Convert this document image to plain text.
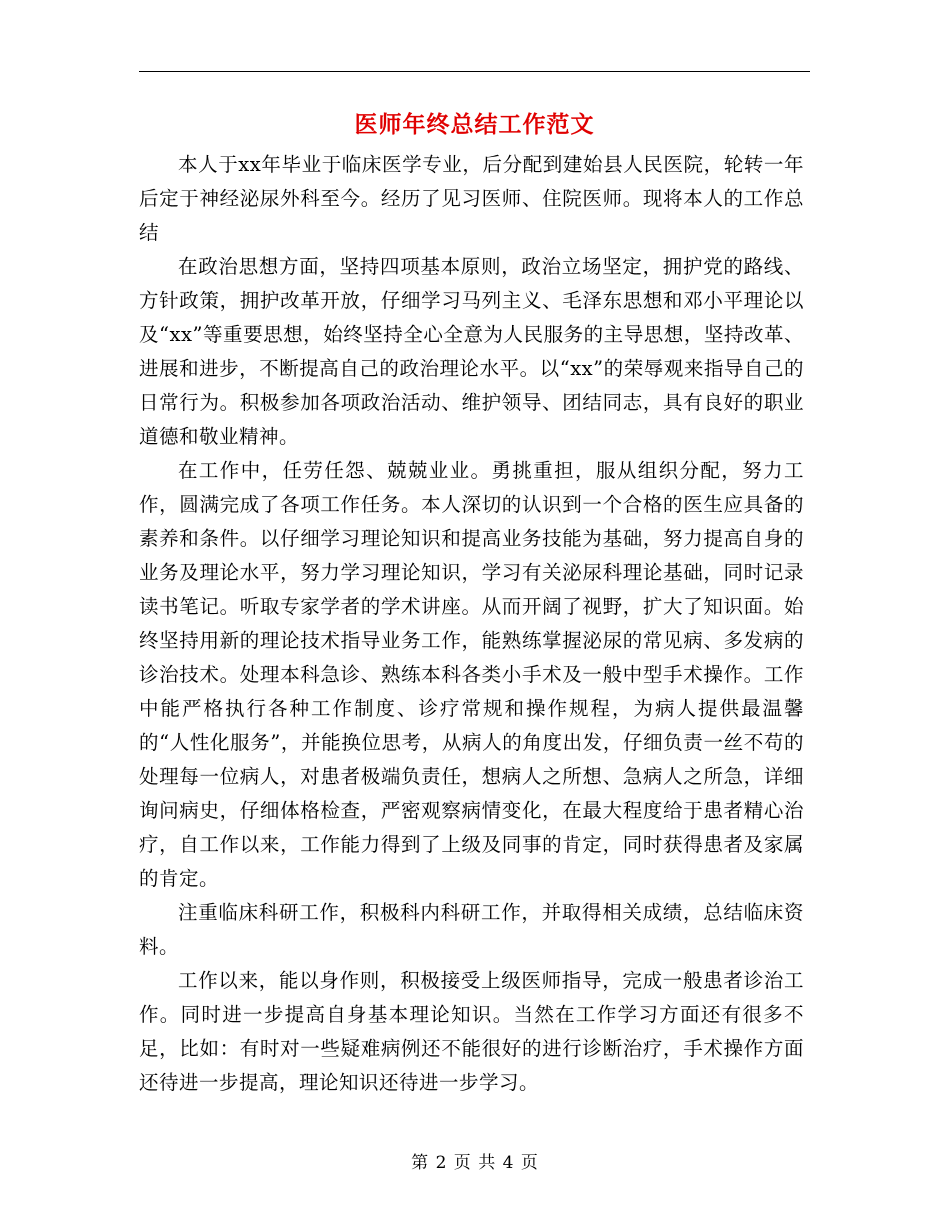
医师年终总结工作范文

本人于xx年毕业于临床医学专业，后分配到建始县人民医院，轮转一年后定于神经泌尿外科至今。经历了见习医师、住院医师。现将本人的工作总结

在政治思想方面，坚持四项基本原则，政治立场坚定，拥护党的路线、方针政策，拥护改革开放，仔细学习马列主义、毛泽东思想和邓小平理论以及“xx”等重要思想，始终坚持全心全意为人民服务的主导思想，坚持改革、进展和进步，不断提高自己的政治理论水平。以“xx”的荣辱观来指导自己的日常行为。积极参加各项政治活动、维护领导、团结同志，具有良好的职业道德和敬业精神。

在工作中，任劳任怨、兢兢业业。勇挑重担，服从组织分配，努力工作，圆满完成了各项工作任务。本人深切的认识到一个合格的医生应具备的素养和条件。以仔细学习理论知识和提高业务技能为基础，努力提高自身的业务及理论水平，努力学习理论知识，学习有关泌尿科理论基础，同时记录读书笔记。听取专家学者的学术讲座。从而开阔了视野，扩大了知识面。始终坚持用新的理论技术指导业务工作，能熟练掌握泌尿的常见病、多发病的诊治技术。处理本科急诊、熟练本科各类小手术及一般中型手术操作。工作中能严格执行各种工作制度、诊疗常规和操作规程，为病人提供最温馨的“人性化服务”，并能换位思考，从病人的角度出发，仔细负责一丝不苟的处理每一位病人，对患者极端负责任，想病人之所想、急病人之所急，详细询问病史，仔细体格检查，严密观察病情变化，在最大程度给于患者精心治疗，自工作以来，工作能力得到了上级及同事的肯定，同时获得患者及家属的肯定。

注重临床科研工作，积极科内科研工作，并取得相关成绩，总结临床资料。

工作以来，能以身作则，积极接受上级医师指导，完成一般患者诊治工作。同时进一步提高自身基本理论知识。当然在工作学习方面还有很多不足，比如：有时对一些疑难病例还不能很好的进行诊断治疗，手术操作方面还待进一步提高，理论知识还待进一步学习。

第 2 页 共 4 页
